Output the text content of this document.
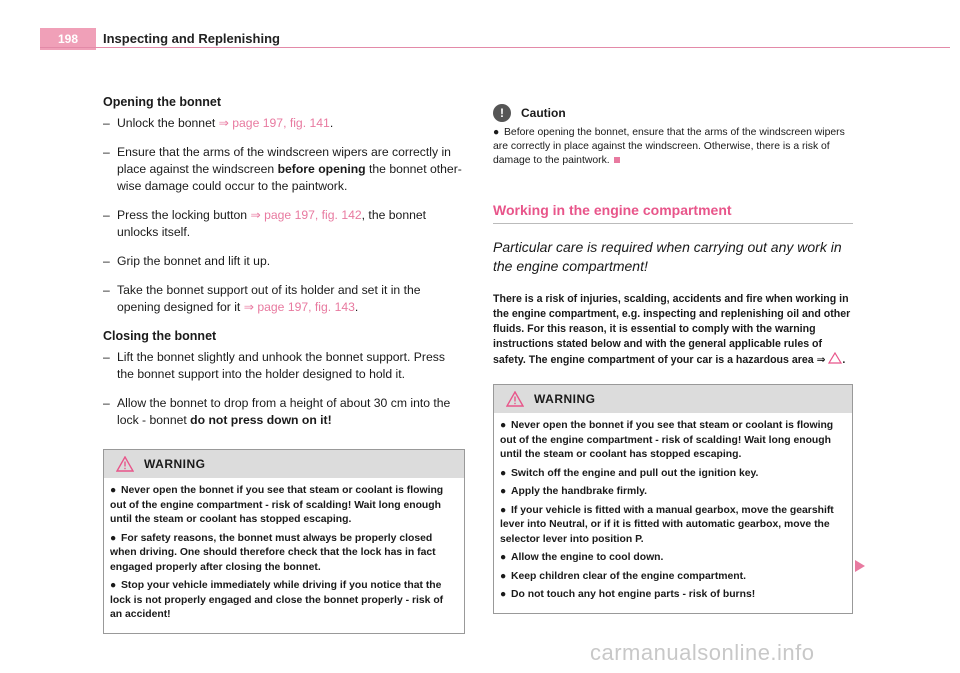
198	Inspecting and Replenishing
Opening the bonnet
– Unlock the bonnet ⇒ page 197, fig. 141.
– Ensure that the arms of the windscreen wipers are correctly in place against the windscreen before opening the bonnet other-wise damage could occur to the paintwork.
– Press the locking button ⇒ page 197, fig. 142, the bonnet unlocks itself.
– Grip the bonnet and lift it up.
– Take the bonnet support out of its holder and set it in the opening designed for it ⇒ page 197, fig. 143.
Closing the bonnet
– Lift the bonnet slightly and unhook the bonnet support. Press the bonnet support into the holder designed to hold it.
– Allow the bonnet to drop from a height of about 30 cm into the lock - bonnet do not press down on it!
WARNING
● Never open the bonnet if you see that steam or coolant is flowing out of the engine compartment - risk of scalding! Wait long enough until the steam or coolant has stopped escaping.
● For safety reasons, the bonnet must always be properly closed when driving. One should therefore check that the lock has in fact engaged properly after closing the bonnet.
● Stop your vehicle immediately while driving if you notice that the lock is not properly engaged and close the bonnet properly - risk of an accident!
!	Caution
● Before opening the bonnet, ensure that the arms of the windscreen wipers are correctly in place against the windscreen. Otherwise, there is a risk of damage to the paintwork.
Working in the engine compartment
Particular care is required when carrying out any work in the engine compartment!
There is a risk of injuries, scalding, accidents and fire when working in the engine compartment, e.g. inspecting and replenishing oil and other fluids. For this reason, it is essential to comply with the warning instructions stated below and with the general applicable rules of safety. The engine compartment of your car is a hazardous area ⇒ .
WARNING
● Never open the bonnet if you see that steam or coolant is flowing out of the engine compartment - risk of scalding! Wait long enough until the steam or coolant has stopped escaping.
● Switch off the engine and pull out the ignition key.
● Apply the handbrake firmly.
● If your vehicle is fitted with a manual gearbox, move the gearshift lever into Neutral, or if it is fitted with automatic gearbox, move the selector lever into position P.
● Allow the engine to cool down.
● Keep children clear of the engine compartment.
● Do not touch any hot engine parts - risk of burns!
carmanualsonline.info
